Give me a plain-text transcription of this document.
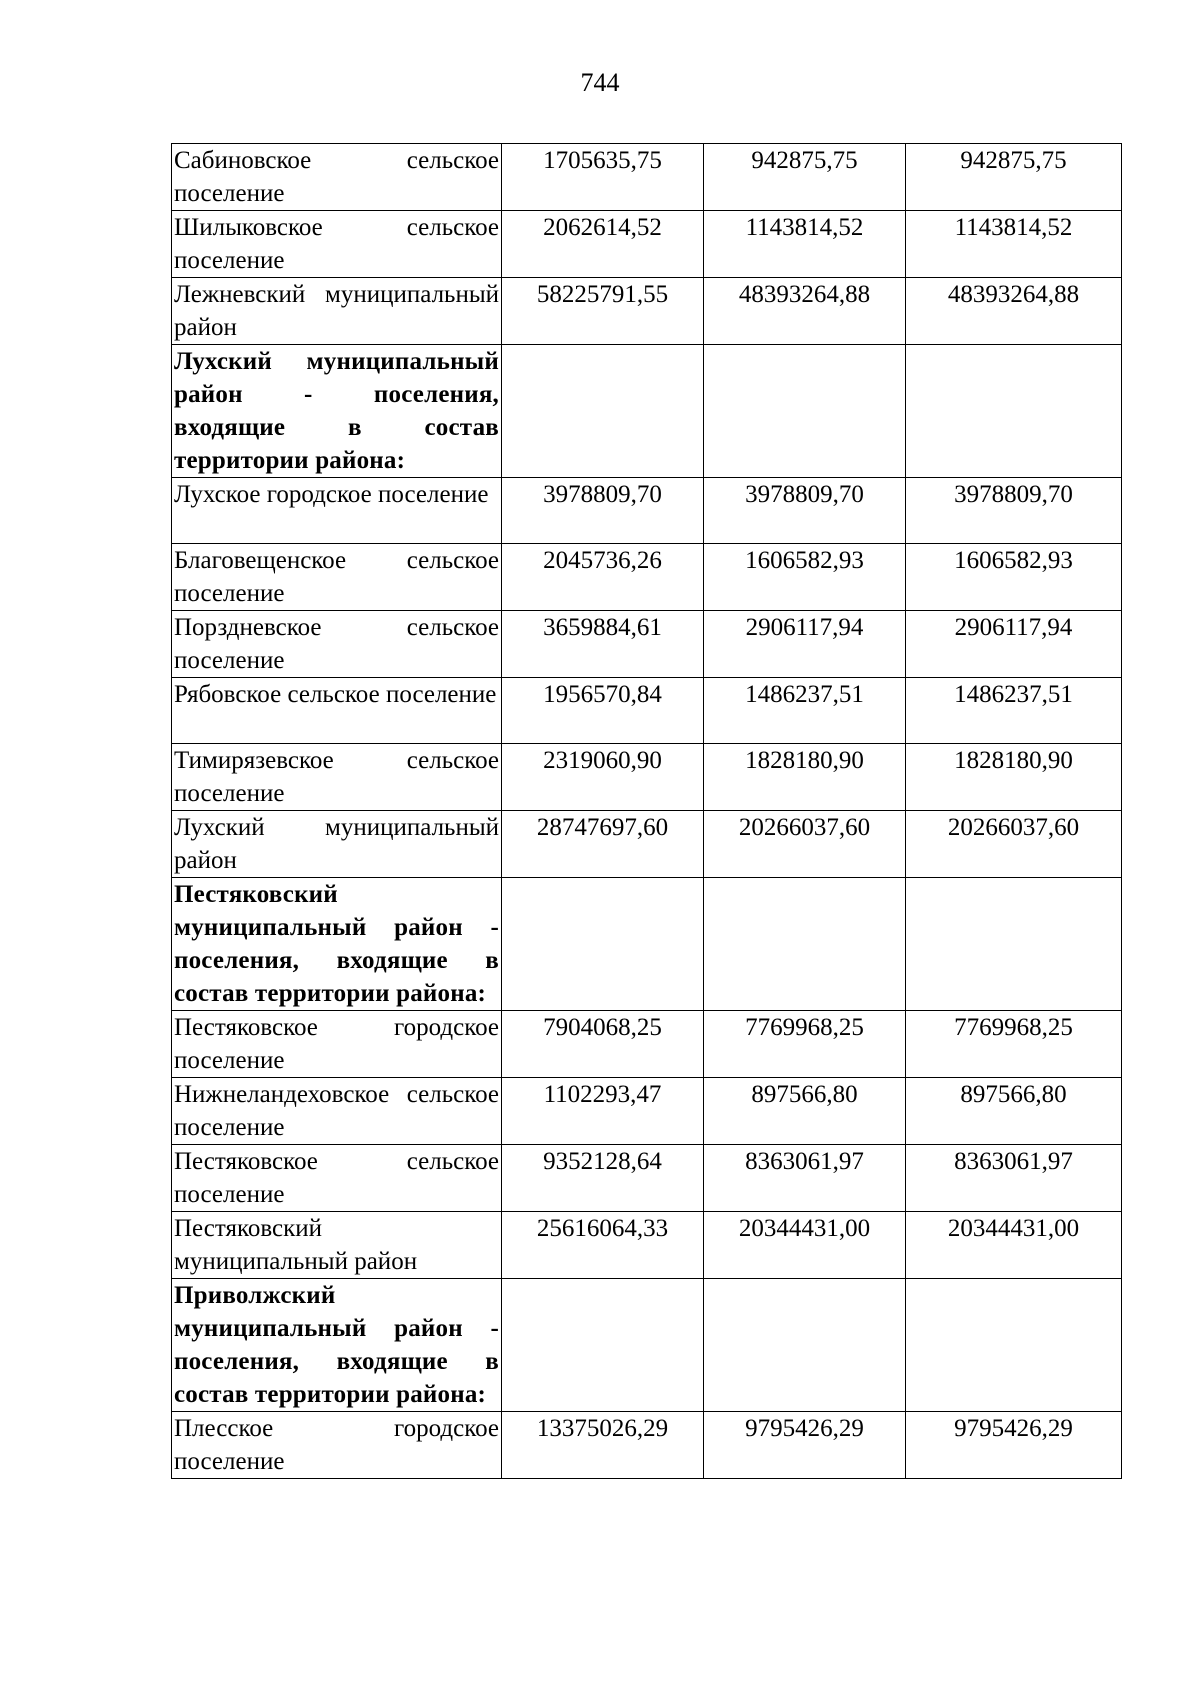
744
Сабиновское сельское поселение	1705635,75	942875,75	942875,75
Шилыковское сельское поселение	2062614,52	1143814,52	1143814,52
Лежневский муниципальный район	58225791,55	48393264,88	48393264,88
Лухский муниципальный район - поселения, входящие в состав территории района:			
Лухское городское поселение	3978809,70	3978809,70	3978809,70
Благовещенское сельское поселение	2045736,26	1606582,93	1606582,93
Порздневское сельское поселение	3659884,61	2906117,94	2906117,94
Рябовское сельское поселение	1956570,84	1486237,51	1486237,51
Тимирязевское сельское поселение	2319060,90	1828180,90	1828180,90
Лухский муниципальный район	28747697,60	20266037,60	20266037,60
Пестяковский муниципальный район - поселения, входящие в состав территории района:			
Пестяковское городское поселение	7904068,25	7769968,25	7769968,25
Нижнеландеховское сельское поселение	1102293,47	897566,80	897566,80
Пестяковское сельское поселение	9352128,64	8363061,97	8363061,97
Пестяковский муниципальный район	25616064,33	20344431,00	20344431,00
Приволжский муниципальный район - поселения, входящие в состав территории района:			
Плесское городское поселение	13375026,29	9795426,29	9795426,29
